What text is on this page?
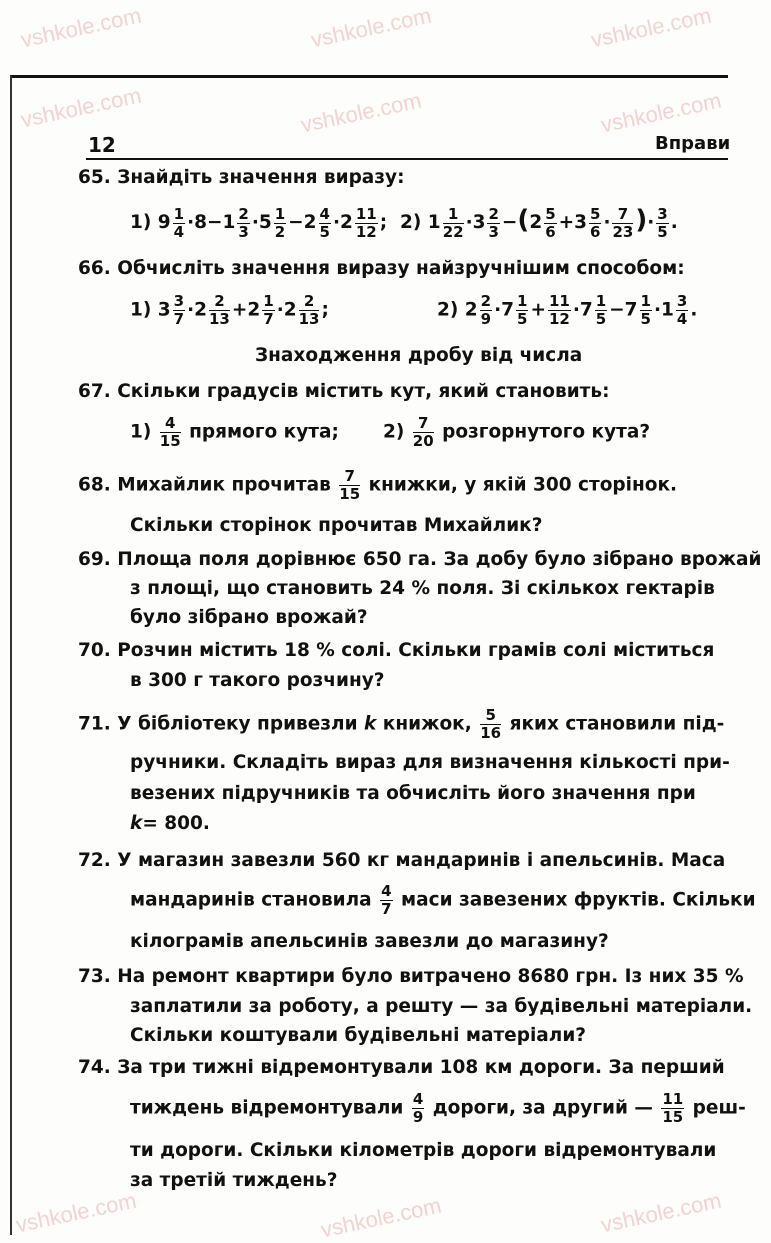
vshkole.com	vshkole.com	vshkole.com
vshkole.com	vshkole.com	vshkole.com
vshkole.com	vshkole.com	vshkole.com
12	Вправи
65. Знайдіть значення виразу:
1) $9 \frac{1}{4} \cdot 8-1 \frac{2}{3} \cdot 5 \frac{1}{2} -2 \frac{4}{5} \cdot 2 \frac{11}{12}$ ;  2) $1 \frac{1}{22} \cdot 3 \frac{2}{3} -(2 \frac{5}{6} +3 \frac{5}{6} \cdot \frac{7}{23}$ )· $\frac{3}{5}$ .
66. Обчисліть значення виразу найзручнішим способом:
1) $3 \frac{3}{7} \cdot 2 \frac{2}{13} +2 \frac{1}{7} \cdot 2 \frac{2}{13}$ ;	2) $2 \frac{2}{9} \cdot 7 \frac{1}{5} + \frac{11}{12} \cdot 7 \frac{1}{5} -7 \frac{1}{5} \cdot 1 \frac{3}{4}$ .
Знаходження дробу від числа
67. Скільки градусів містить кут, який становить:
$1) \frac{4}{15}$ прямого кута; $2) \frac{7}{20}$ розгорнутого кута?
68. Михайлик прочитав $\frac{7}{15}$ книжки, у якій 300 сторінок.
Скільки сторінок прочитав Михайлик?
69. Площа поля дорівнює 650 га. За добу було зібрано врожай
з площі, що становить 24 % поля. Зі скількох гектарів
було зібрано врожай?
70. Розчин містить 18 % солі. Скільки грамів солі міститься
в 300 г такого розчину?
71. У бібліотеку привезли k книжок, $\frac{5}{16}$ яких становили під-
ручники. Складіть вираз для визначення кількості при-
везених підручників та обчисліть його значення при
k= 800.
72. У магазин завезли 560 кг мандаринів і апельсинів. Маса
мандаринів становила $\frac{4}{7}$ маси завезених фруктів. Скільки
кілограмів апельсинів завезли до магазину?
73. На ремонт квартири було витрачено 8680 грн. Із них 35 %
заплатили за роботу, а решту — за будівельні матеріали.
Скільки коштували будівельні матеріали?
74. За три тижні відремонтували 108 км дороги. За перший
тиждень відремонтували $\frac{4}{9}$ дороги, за другий — $\frac{11}{15} реш-$
ти дороги. Скільки кілометрів дороги відремонтували
за третій тиждень?
